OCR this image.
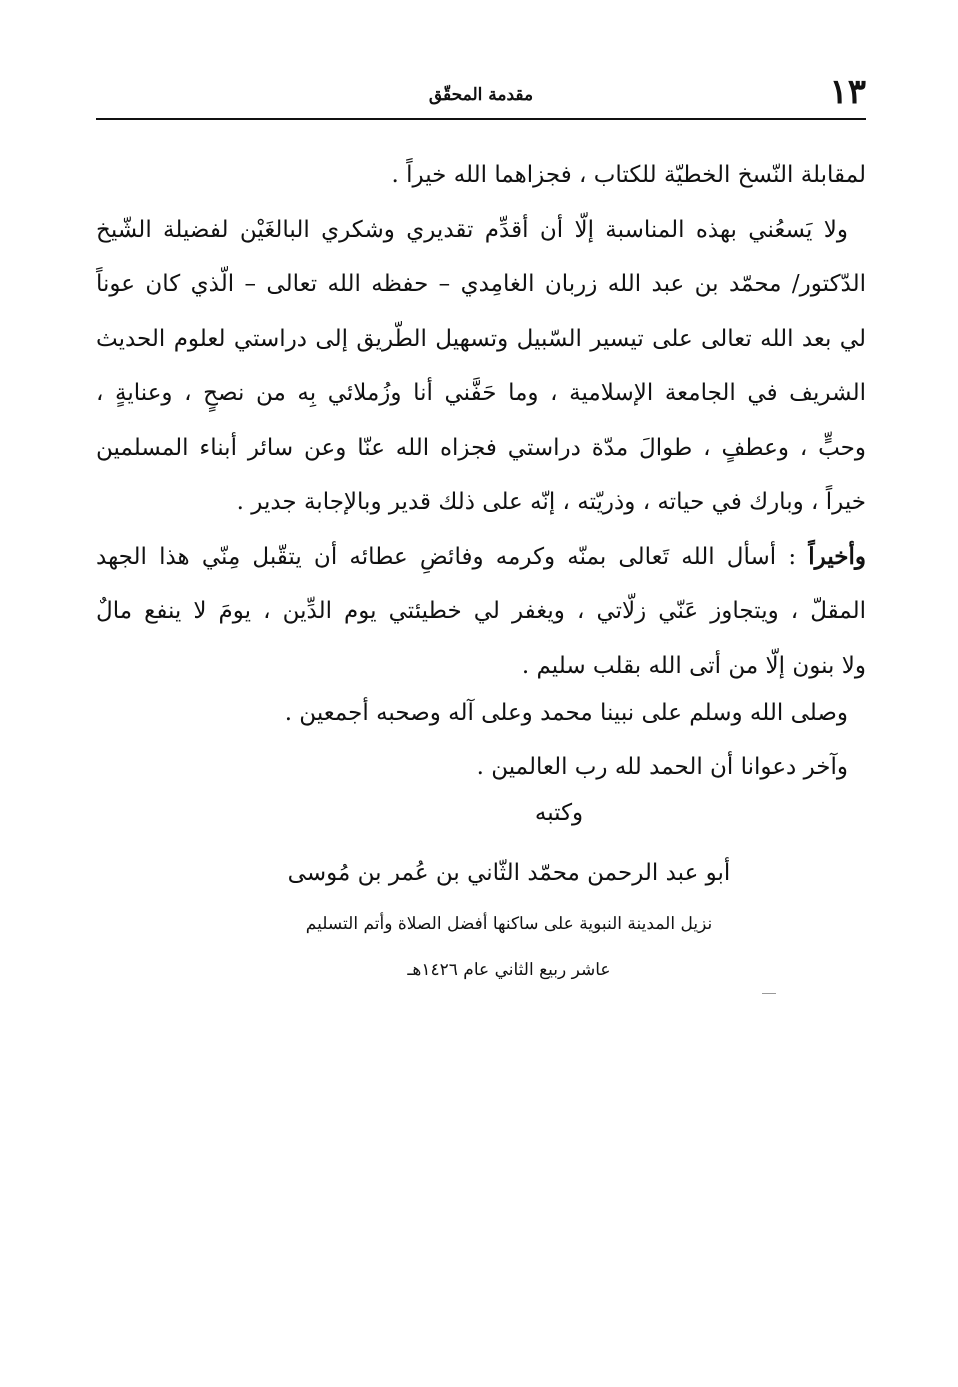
١٣
مقدمة المحقّق
لمقابلة النّسخ الخطيّة للكتاب ، فجزاهما الله خيراً .
ولا يَسعُني بهذه المناسبة إلّا أن أقدِّم تقديري وشكري البالغَيْن لفضيلة الشّيخ
الدّكتور/ محمّد بن عبد الله زربان الغامِدي – حفظه الله تعالى – الّذي كان عوناً
لي بعد الله تعالى على تيسير السّبيل وتسهيل الطّريق إلى دراستي لعلوم الحديث
الشريف في الجامعة الإسلامية ، وما حَفَّني أنا وزُملائي بِه من نصحٍ ، وعنايةٍ ،
وحبٍّ ، وعطفٍ ، طوالَ مدّة دراستي فجزاه الله عنّا وعن سائر أبناء المسلمين
خيراً ، وبارك في حياته ، وذريّته ، إنّه على ذلك قدير وبالإجابة جدير .
وأخيراً : أسأل الله تَعالى بمنّه وكرمه وفائضِ عطائه أن يتقّبل مِنّي هذا الجهد
المقلّ ، ويتجاوز عَنّي زلّاتي ، ويغفر لي خطيئتي يوم الدِّين ، يومَ لا ينفع مالٌ
ولا بنون إلّا من أتى الله بقلب سليم .
وصلى الله وسلم على نبينا محمد وعلى آله وصحبه أجمعين .
وآخر دعوانا أن الحمد لله رب العالمين .
وكتبه
أبو عبد الرحمن محمّد الثّاني بن عُمر بن مُوسى
نزيل المدينة النبوية على ساكنها أفضل الصلاة وأتم التسليم
عاشر ربيع الثاني عام ١٤٢٦هـ
